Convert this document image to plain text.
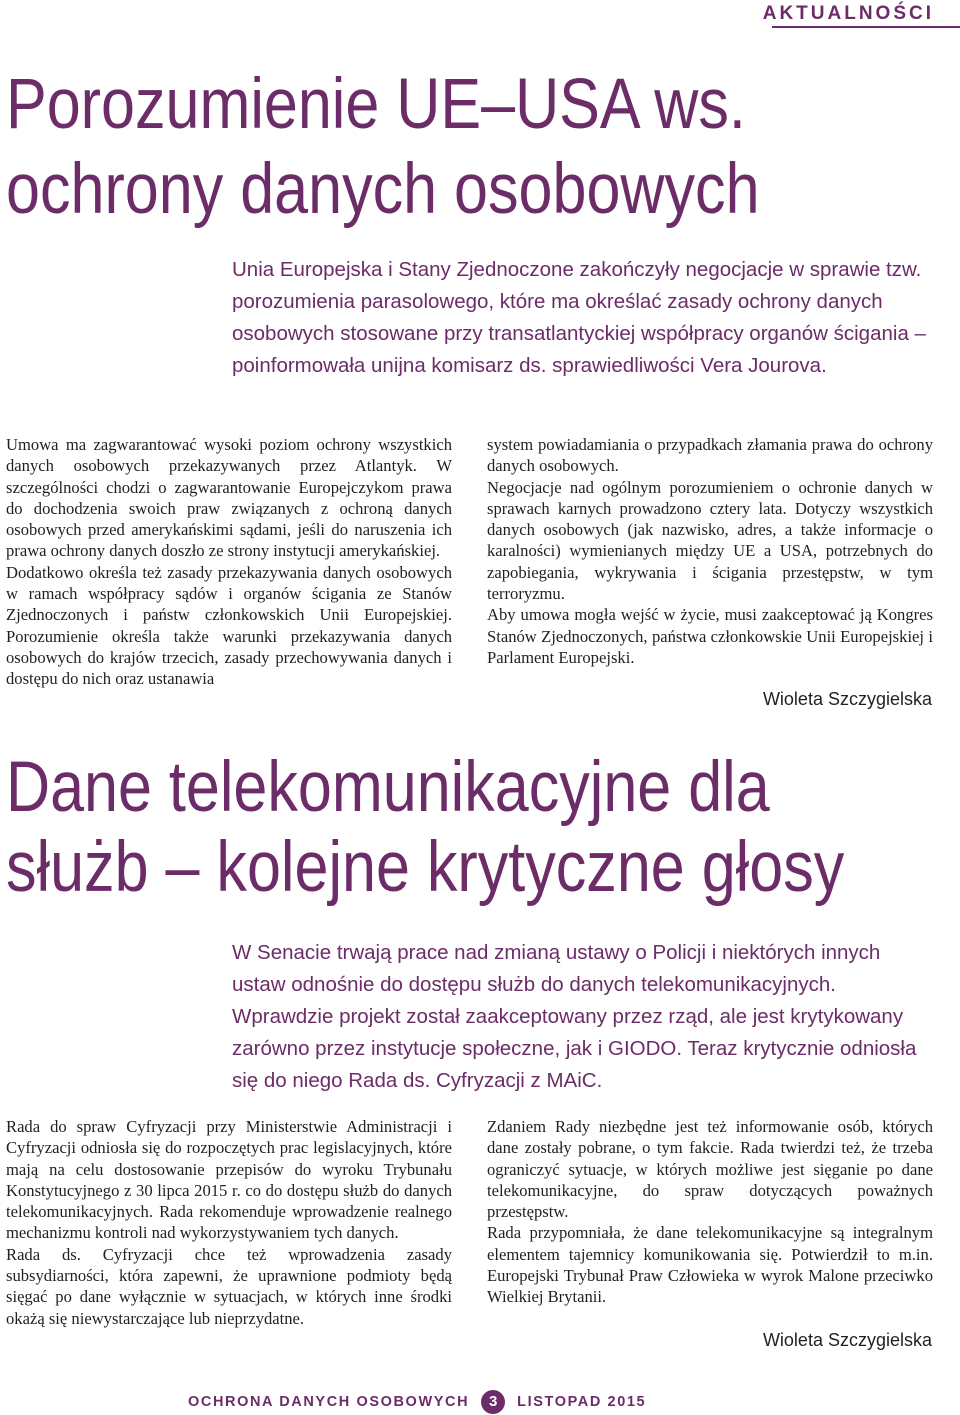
AKTUALNOŚCI
Porozumienie UE–USA ws.
ochrony danych osobowych
Unia Europejska i Stany Zjednoczone zakończyły negocjacje w sprawie tzw. porozumienia parasolowego, które ma określać zasady ochrony danych osobowych stosowane przy transatlantyckiej współpracy organów ścigania – poinformowała unijna komisarz ds. sprawiedliwości Vera Jourova.

Umowa ma zagwarantować wysoki poziom ochrony wszystkich danych osobowych przekazywanych przez Atlantyk. W szczególności chodzi o zagwarantowanie Europejczykom prawa do dochodzenia swoich praw związanych z ochroną danych osobowych przed amerykańskimi sądami, jeśli do naruszenia ich prawa ochrony danych doszło ze strony instytucji amerykańskiej.

Dodatkowo określa też zasady przekazywania danych osobowych w ramach współpracy sądów i organów ścigania ze Stanów Zjednoczonych i państw członkowskich Unii Europejskiej. Porozumienie określa także warunki przekazywania danych osobowych do krajów trzecich, zasady przechowywania danych i dostępu do nich oraz ustanawia

system powiadamiania o przypadkach złamania prawa do ochrony danych osobowych.

Negocjacje nad ogólnym porozumieniem o ochronie danych w sprawach karnych prowadzono cztery lata. Dotyczy wszystkich danych osobowych (jak nazwisko, adres, a także informacje o karalności) wymienianych między UE a USA, potrzebnych do zapobiegania, wykrywania i ścigania przestępstw, w tym terroryzmu.

Aby umowa mogła wejść w życie, musi zaakceptować ją Kongres Stanów Zjednoczonych, państwa członkowskie Unii Europejskiej i Parlament Europejski.

Wioleta Szczygielska
Dane telekomunikacyjne dla
służb – kolejne krytyczne głosy
W Senacie trwają prace nad zmianą ustawy o Policji i niektórych innych ustaw odnośnie do dostępu służb do danych telekomunikacyjnych. Wprawdzie projekt został zaakceptowany przez rząd, ale jest krytykowany zarówno przez instytucje społeczne, jak i GIODO. Teraz krytycznie odniosła się do niego Rada ds. Cyfryzacji z MAiC.

Rada do spraw Cyfryzacji przy Ministerstwie Administracji i Cyfryzacji odniosła się do rozpoczętych prac legislacyjnych, które mają na celu dostosowanie przepisów do wyroku Trybunału Konstytucyjnego z 30 lipca 2015 r. co do dostępu służb do danych telekomunikacyjnych. Rada rekomenduje wprowadzenie realnego mechanizmu kontroli nad wykorzystywaniem tych danych.

Rada ds. Cyfryzacji chce też wprowadzenia zasady subsydiarności, która zapewni, że uprawnione podmioty będą sięgać po dane wyłącznie w sytuacjach, w których inne środki okażą się niewystarczające lub nieprzydatne.

Zdaniem Rady niezbędne jest też informowanie osób, których dane zostały pobrane, o tym fakcie. Rada twierdzi też, że trzeba ograniczyć sytuacje, w których możliwe jest sięganie po dane telekomunikacyjne, do spraw dotyczących poważnych przestępstw.

Rada przypomniała, że dane telekomunikacyjne są integralnym elementem tajemnicy komunikowania się. Potwierdził to m.in. Europejski Trybunał Praw Człowieka w wyrok Malone przeciwko Wielkiej Brytanii.

Wioleta Szczygielska
OCHRONA DANYCH OSOBOWYCH	3	LISTOPAD 2015
